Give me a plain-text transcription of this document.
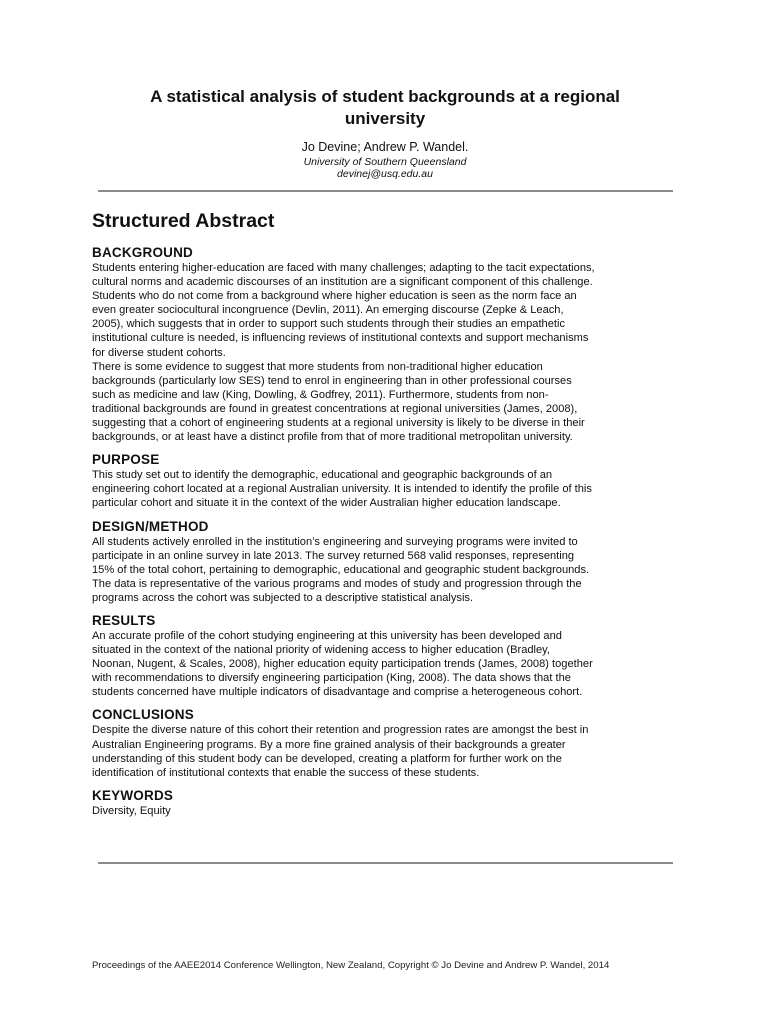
A statistical analysis of student backgrounds at a regional university
Jo Devine; Andrew P. Wandel.
University of Southern Queensland
devinej@usq.edu.au
Structured Abstract

BACKGROUND

Students entering higher-education are faced with many challenges; adapting to the tacit expectations,
cultural norms and academic discourses of an institution are a significant component of this challenge.
Students who do not come from a background where higher education is seen as the norm face an
even greater sociocultural incongruence (Devlin, 2011). An emerging discourse (Zepke & Leach,
2005), which suggests that in order to support such students through their studies an empathetic
institutional culture is needed, is influencing reviews of institutional contexts and support mechanisms
for diverse student cohorts.
There is some evidence to suggest that more students from non-traditional higher education
backgrounds (particularly low SES) tend to enrol in engineering than in other professional courses
such as medicine and law (King, Dowling, & Godfrey, 2011). Furthermore, students from non-
traditional backgrounds are found in greatest concentrations at regional universities (James, 2008),
suggesting that a cohort of engineering students at a regional university is likely to be diverse in their
backgrounds, or at least have a distinct profile from that of more traditional metropolitan university.

PURPOSE

This study set out to identify the demographic, educational and geographic backgrounds of an
engineering cohort located at a regional Australian university. It is intended to identify the profile of this
particular cohort and situate it in the context of the wider Australian higher education landscape.

DESIGN/METHOD

All students actively enrolled in the institution’s engineering and surveying programs were invited to
participate in an online survey in late 2013. The survey returned 568 valid responses, representing
15% of the total cohort, pertaining to demographic, educational and geographic student backgrounds.
The data is representative of the various programs and modes of study and progression through the
programs across the cohort was subjected to a descriptive statistical analysis.

RESULTS

An accurate profile of the cohort studying engineering at this university has been developed and
situated in the context of the national priority of widening access to higher education (Bradley,
Noonan, Nugent, & Scales, 2008), higher education equity participation trends (James, 2008) together
with recommendations to diversify engineering participation (King, 2008). The data shows that the
students concerned have multiple indicators of disadvantage and comprise a heterogeneous cohort.

CONCLUSIONS

Despite the diverse nature of this cohort their retention and progression rates are amongst the best in
Australian Engineering programs. By a more fine grained analysis of their backgrounds a greater
understanding of this student body can be developed, creating a platform for further work on the
identification of institutional contexts that enable the success of these students.

KEYWORDS

Diversity, Equity

Proceedings of the AAEE2014 Conference Wellington, New Zealand, Copyright © Jo Devine and Andrew P. Wandel, 2014
